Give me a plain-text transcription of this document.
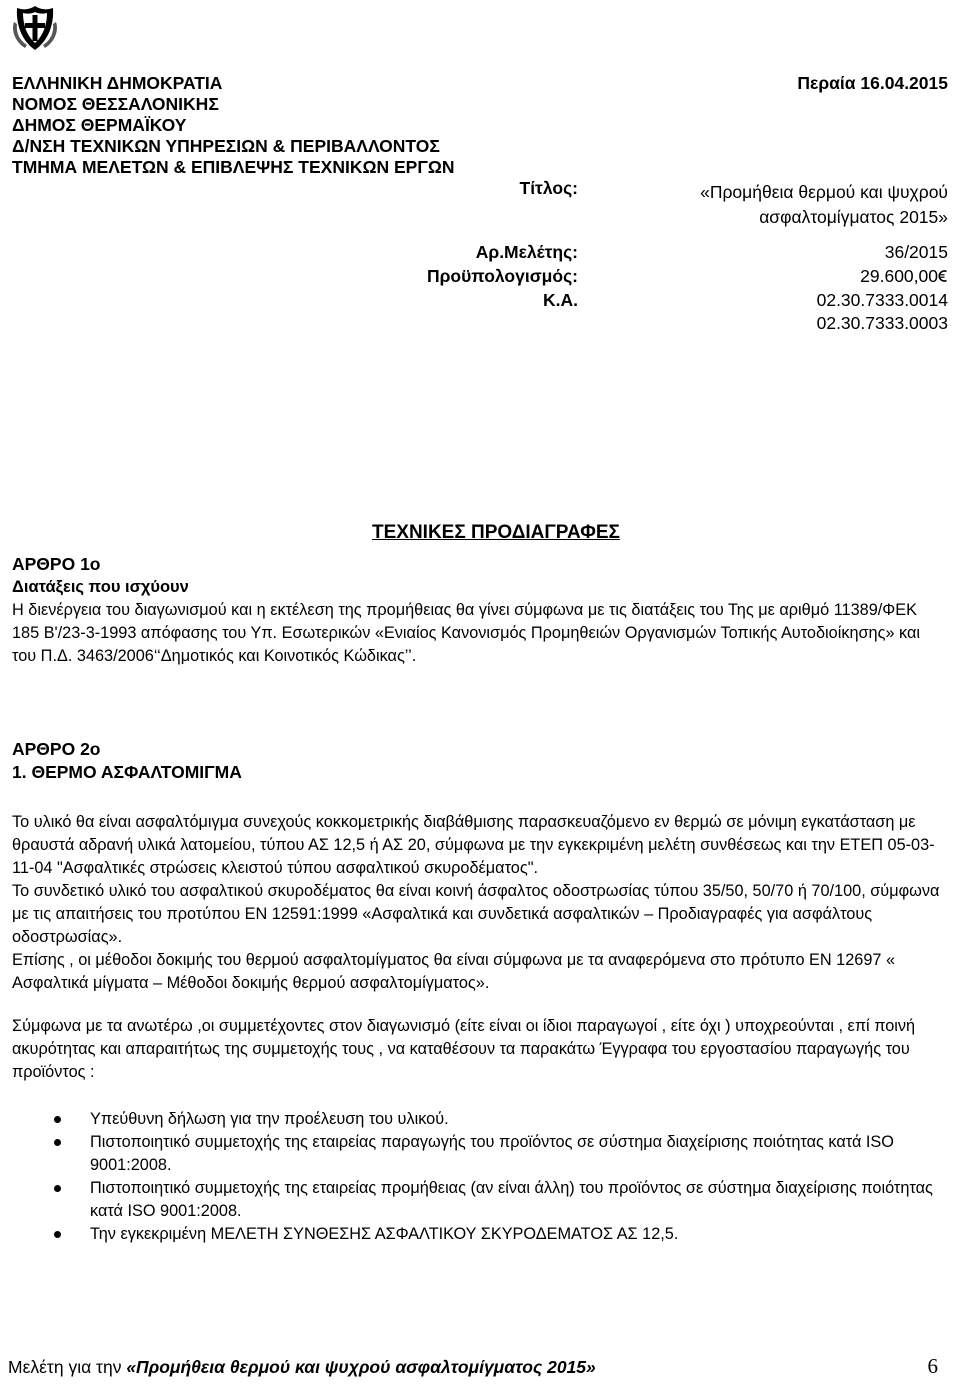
ΕΛΛΗΝΙΚΗ ΔΗΜΟΚΡΑΤΙΑ
ΝΟΜΟΣ ΘΕΣΣΑΛΟΝΙΚΗΣ
ΔΗΜΟΣ ΘΕΡΜΑΪΚΟΥ
Δ/ΝΣΗ ΤΕΧΝΙΚΩΝ ΥΠΗΡΕΣΙΩΝ & ΠΕΡΙΒΑΛΛΟΝΤΟΣ
ΤΜΗΜΑ ΜΕΛΕΤΩΝ & ΕΠΙΒΛΕΨΗΣ ΤΕΧΝΙΚΩΝ ΕΡΓΩΝ
Περαία 16.04.2015
Τίτλος:	«Προμήθεια θερμού και ψυχρού
ασφαλτομίγματος 2015»
Αρ.Μελέτης:	36/2015
Προϋπολογισμός:	29.600,00
Κ.Α.	02.30.7333.0014
02.30.7333.0003
ΤΕΧΝΙΚΕΣ ΠΡΟΔΙΑΓΡΑΦΕΣ
ΑΡΘΡΟ 1ο
Διατάξεις που ισχύουν
Η διενέργεια του διαγωνισμού και η εκτέλεση της προμήθειας θα γίνει σύμφωνα με τις διατάξεις του Της με αριθμό 11389/ΦΕΚ 185 Β'/23-3-1993 απόφασης του Υπ. Εσωτερικών «Ενιαίος Κανονισμός Προμηθειών Οργανισμών Τοπικής Αυτοδιοίκησης» και του Π.Δ. 3463/2006‘‘Δημοτικός και Κοινοτικός Κώδικας’’.
ΑΡΘΡΟ 2ο
1. ΘΕΡΜΟ ΑΣΦΑΛΤΟΜΙΓΜΑ
Το υλικό θα είναι ασφαλτόμιγμα συνεχούς κοκκομετρικής διαβάθμισης παρασκευαζόμενο εν θερμώ σε μόνιμη εγκατάσταση με θραυστά αδρανή υλικά λατομείου, τύπου ΑΣ 12,5 ή ΑΣ 20, σύμφωνα με την εγκεκριμένη μελέτη συνθέσεως και την ΕΤΕΠ 05-03-11-04 "Ασφαλτικές στρώσεις κλειστού τύπου ασφαλτικού σκυροδέματος".
Το συνδετικό υλικό του ασφαλτικού σκυροδέματος θα είναι κοινή άσφαλτος οδοστρωσίας τύπου 35/50, 50/70 ή 70/100, σύμφωνα με τις απαιτήσεις του προτύπου ΕΝ 12591:1999 «Ασφαλτικά και συνδετικά ασφαλτικών – Προδιαγραφές για ασφάλτους οδοστρωσίας».
Επίσης , οι μέθοδοι δοκιμής του θερμού ασφαλτομίγματος θα είναι σύμφωνα με τα αναφερόμενα στο πρότυπο ΕΝ 12697 « Ασφαλτικά μίγματα – Μέθοδοι δοκιμής θερμού ασφαλτομίγματος».
Σύμφωνα με τα ανωτέρω ,οι συμμετέχοντες στον διαγωνισμό (είτε είναι οι ίδιοι παραγωγοί , είτε όχι ) υποχρεούνται , επί ποινή ακυρότητας και απαραιτήτως της συμμετοχής τους , να καταθέσουν τα παρακάτω Έγγραφα του εργοστασίου παραγωγής του προϊόντος :
Υπεύθυνη δήλωση για την προέλευση του υλικού.
Πιστοποιητικό συμμετοχής της εταιρείας παραγωγής του προϊόντος σε σύστημα διαχείρισης ποιότητας κατά ISO 9001:2008.
Πιστοποιητικό συμμετοχής της εταιρείας προμήθειας (αν είναι άλλη) του προϊόντος σε σύστημα διαχείρισης ποιότητας κατά ISO 9001:2008.
Την εγκεκριμένη ΜΕΛΕΤΗ ΣΥΝΘΕΣΗΣ ΑΣΦΑΛΤΙΚΟΥ ΣΚΥΡΟΔΕΜΑΤΟΣ ΑΣ 12,5.
Μελέτη για την «Προμήθεια θερμού και ψυχρού ασφαλτομίγματος 2015»	6
